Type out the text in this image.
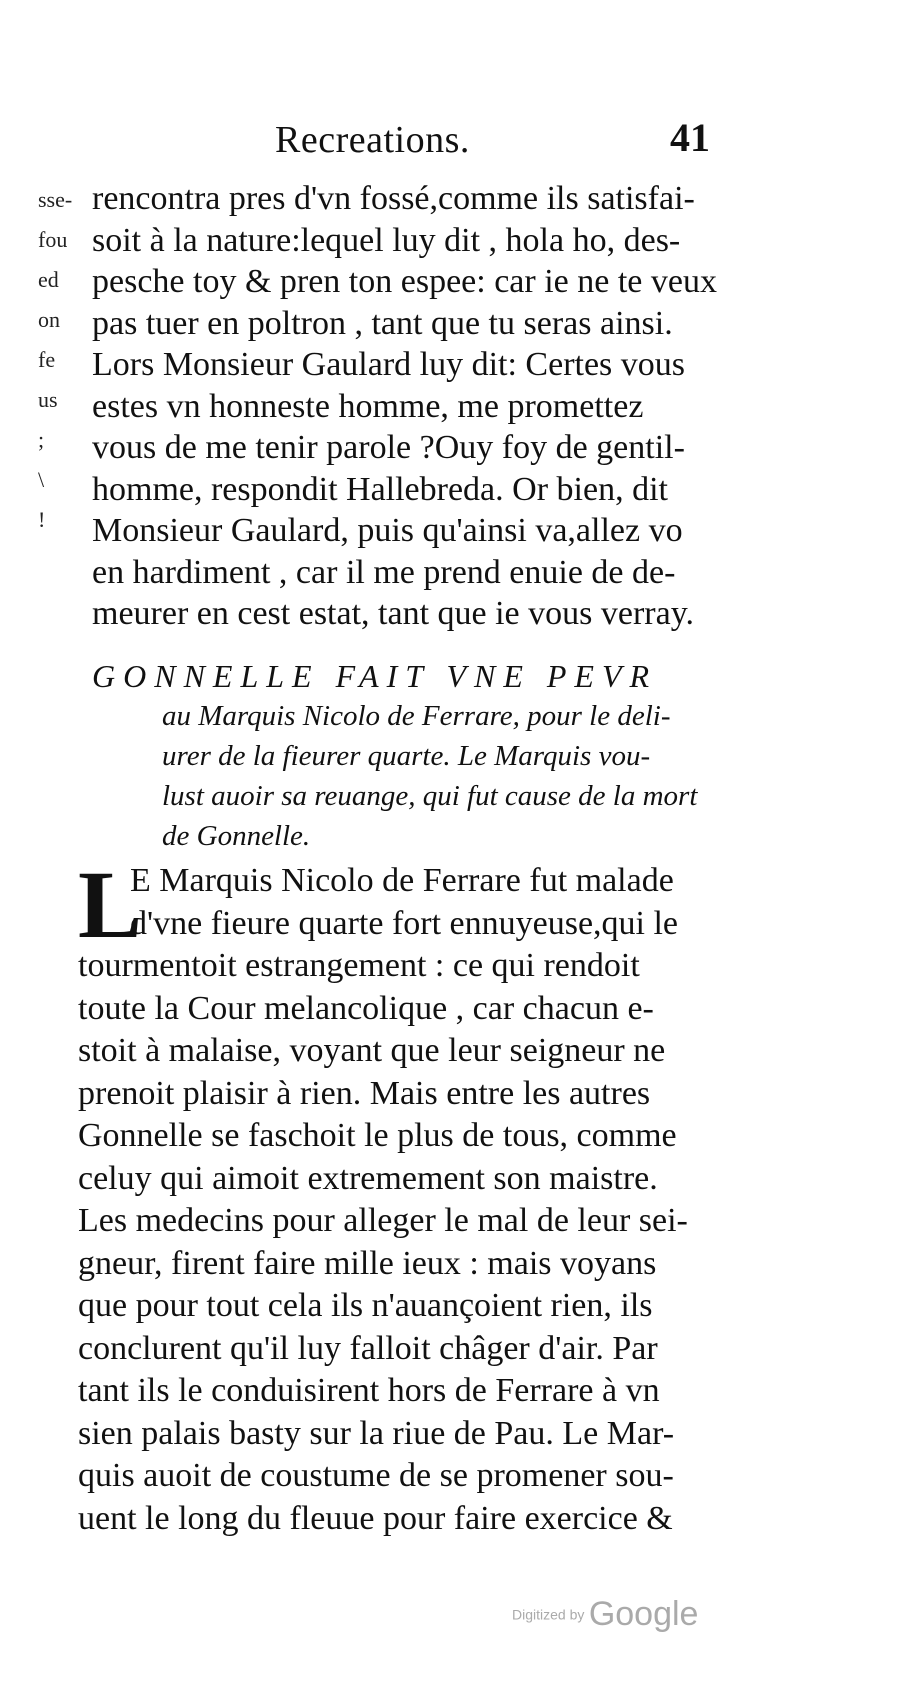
Recreations.	41
sse-
fou
ed
on
fe
us
;
\
!
rencontra pres d'vn fossé,comme ils satisfai-
soit à la nature:lequel luy dit , hola ho, des-
pesche toy & pren ton espee: car ie ne te veux
pas tuer en poltron , tant que tu seras ainsi.
Lors Monsieur Gaulard luy dit: Certes vous
estes vn honneste homme, me promettez
vous de me tenir parole ?Ouy foy de gentil-
homme, respondit Hallebreda. Or bien, dit
Monsieur Gaulard, puis qu'ainsi va,allez vo
en hardiment , car il me prend enuie de de-
meurer en cest estat, tant que ie vous verray.
GONNELLE FAIT VNE PEVR
au Marquis Nicolo de Ferrare, pour le deli-
urer de la fieurer quarte. Le Marquis vou-
lust auoir sa reuange, qui fut cause de la mort
de Gonnelle.
L
E Marquis Nicolo de Ferrare fut malade
d'vne fieure quarte fort ennuyeuse,qui le
tourmentoit estrangement : ce qui rendoit
toute la Cour melancolique , car chacun e-
stoit à malaise, voyant que leur seigneur ne
prenoit plaisir à rien. Mais entre les autres
Gonnelle se faschoit le plus de tous, comme
celuy qui aimoit extremement son maistre.
Les medecins pour alleger le mal de leur sei-
gneur, firent faire mille ieux : mais voyans
que pour tout cela ils n'auançoient rien, ils
conclurent qu'il luy falloit châger d'air. Par
tant ils le conduisirent hors de Ferrare à vn
sien palais basty sur la riue de Pau. Le Mar-
quis auoit de coustume de se promener sou-
uent le long du fleuue pour faire exercice &
Digitized by Google
